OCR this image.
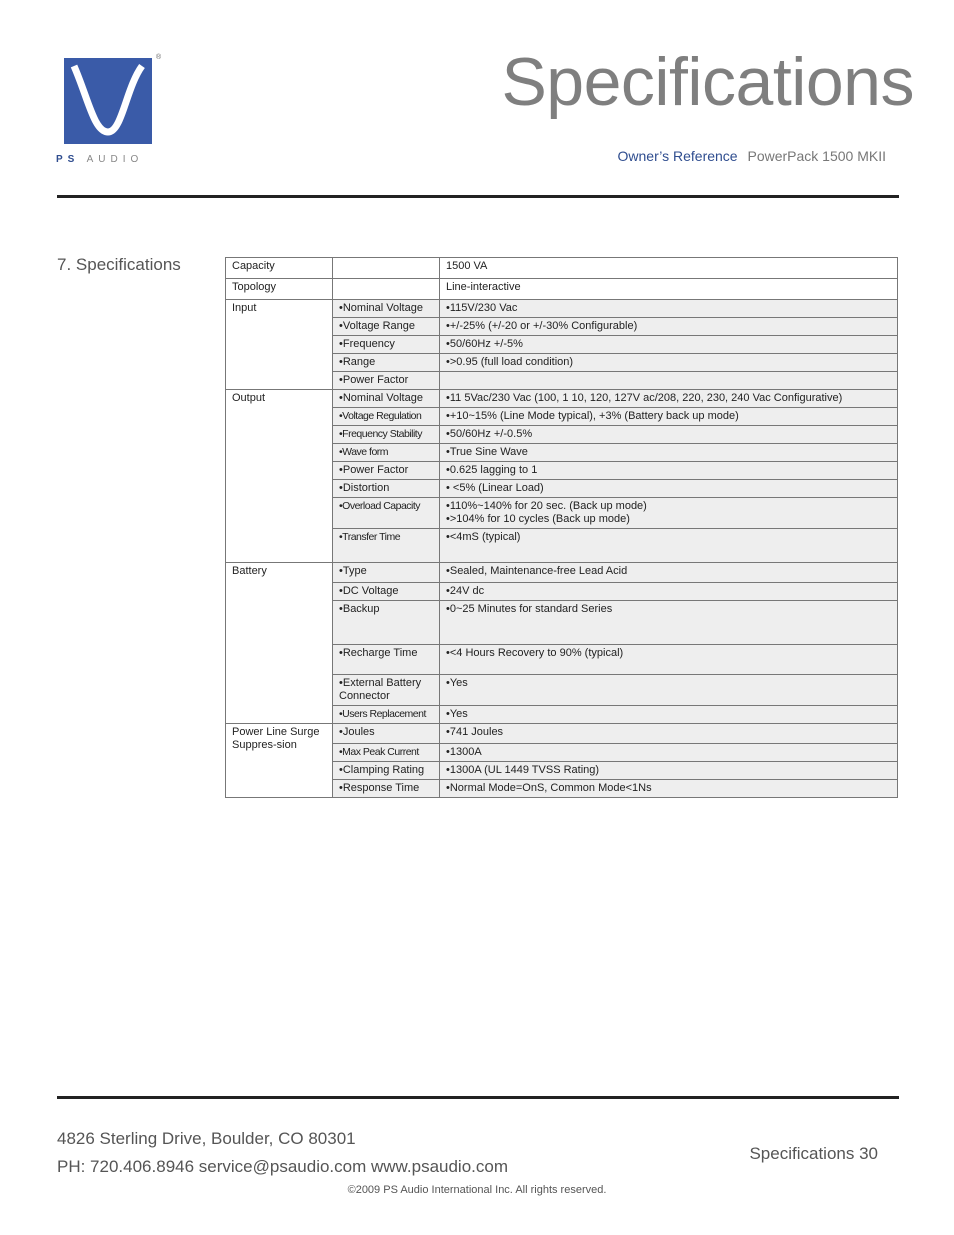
®
PS AUDIO
Specifications
Owner’s Reference PowerPack 1500 MKII
7. Specifications	Capacity		1500 VA

Topology		Line-interactive

Input	•Nominal Voltage	•115V/230 Vac

	•Voltage Range	•+/-25% (+/-20 or +/-30% Configurable)

	•Frequency	•50/60Hz +/-5%

	•Range	•>0.95 (full load condition)

	•Power Factor	

Output	•Nominal Voltage	•11 5Vac/230 Vac (100, 1 10, 120, 127V ac/208, 220, 230, 240 Vac Configurative)

	•Voltage Regulation	•+10~15% (Line Mode typical), +3% (Battery back up mode)

	•Frequency Stability	•50/60Hz +/-0.5%

	•Wave form	•True Sine Wave

	•Power Factor	•0.625 lagging to 1

	•Distortion	• <5% (Linear Load)

	•Overload Capacity	•110%~140% for 20 sec. (Back up mode)
•>104% for 10 cycles (Back up mode)

	•Transfer Time	•<4mS (typical)

Battery	•Type	•Sealed, Maintenance-free Lead Acid

	•DC Voltage	•24V dc

	•Backup	•0~25 Minutes for standard Series

	•Recharge Time	•<4 Hours Recovery to 90% (typical)

	•External Battery Connector	•Yes

	•Users Replacement	•Yes

Power Line Surge Suppres-sion	•Joules	•741 Joules

	•Max Peak Current	•1300A

	•Clamping Rating	•1300A (UL 1449 TVSS Rating)

	•Response Time	•Normal Mode=OnS, Common Mode<1Ns
4826 Sterling Drive, Boulder, CO 80301
PH: 720.406.8946 service@psaudio.com www.psaudio.com
Specifications 30
©2009 PS Audio International Inc. All rights reserved.
